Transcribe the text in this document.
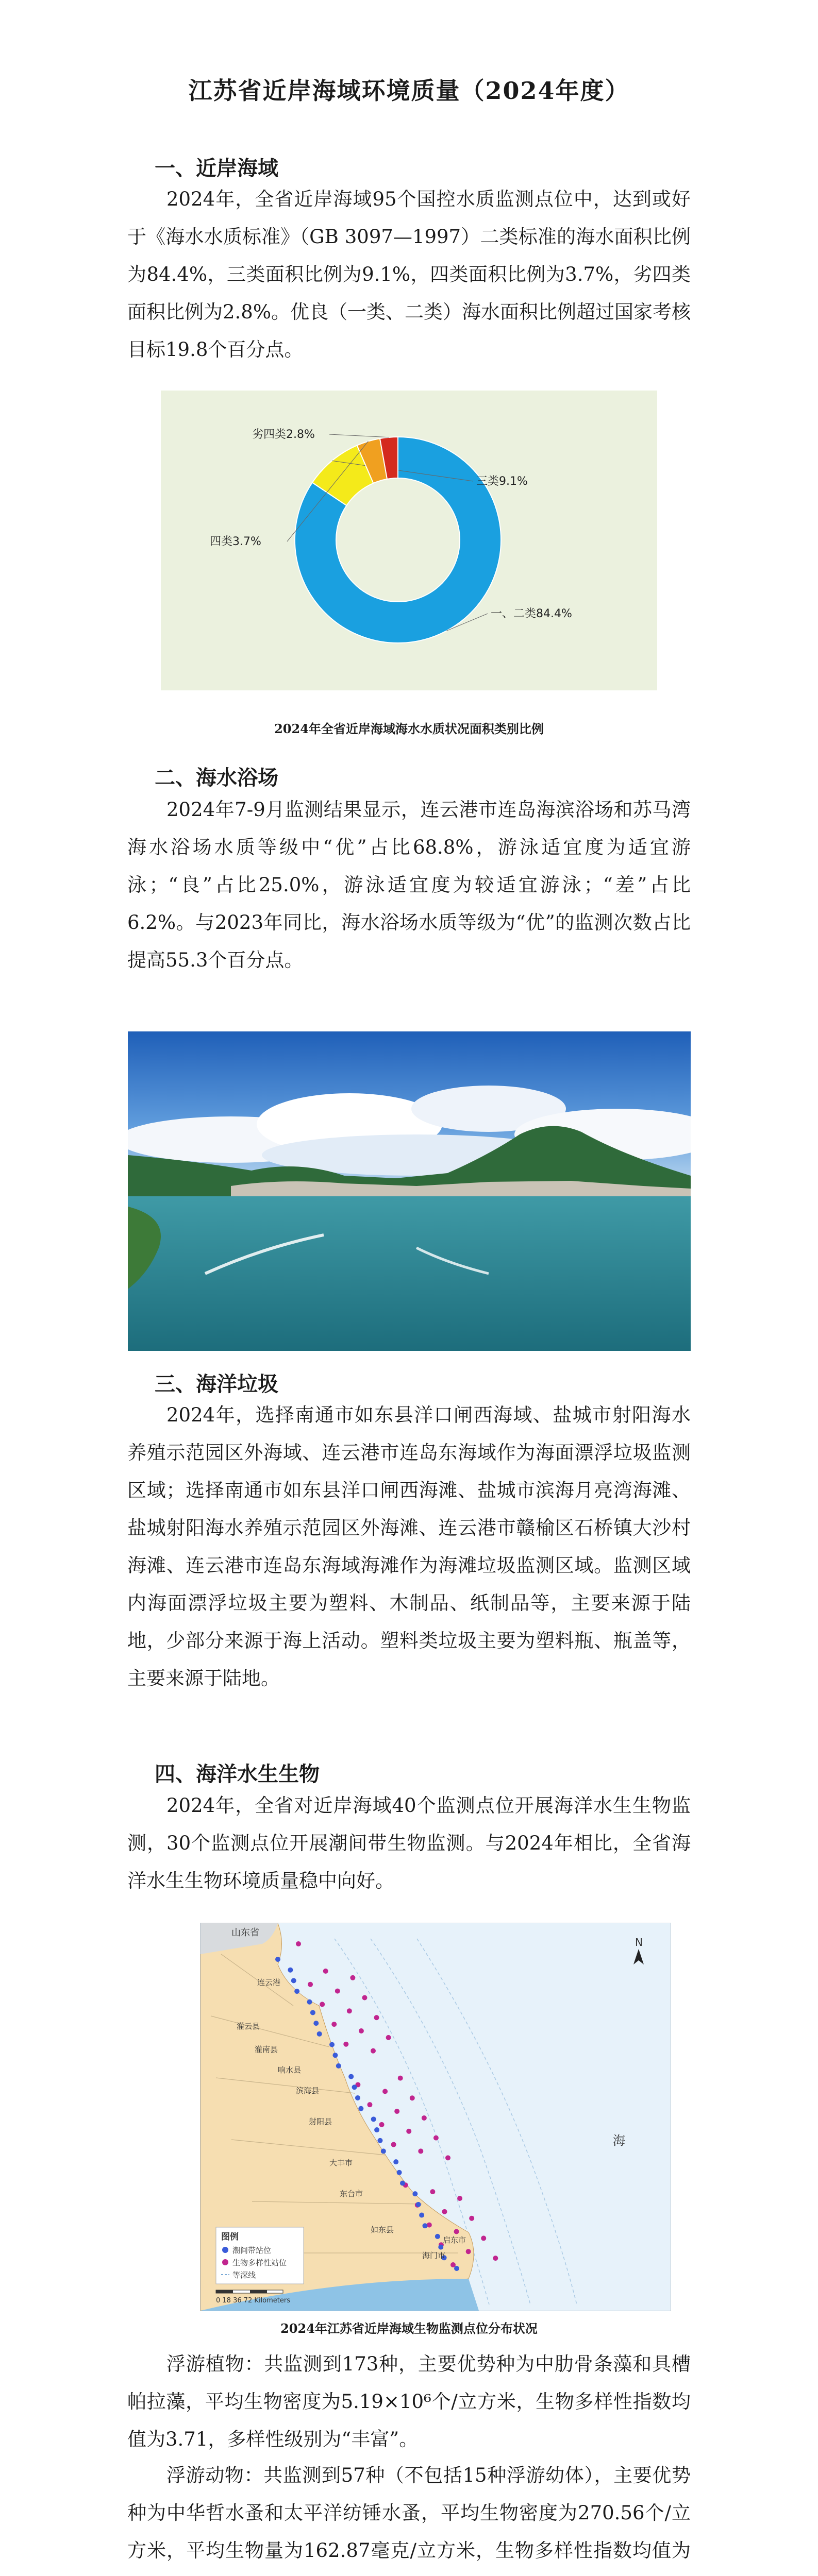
江苏省近岸海域环境质量（2024年度）
一、近岸海域

2024年，全省近岸海域95个国控水质监测点位中，达到或好于《海水水质标准》（GB 3097—1997）二类标准的海水面积比例为84.4%，三类面积比例为9.1%，四类面积比例为3.7%，劣四类面积比例为2.8%。优良（一类、二类）海水面积比例超过国家考核目标19.8个百分点。

一、二类84.4%
三类9.1%
四类3.7%
劣四类2.8%
2024年全省近岸海域海水水质状况面积类别比例
二、海水浴场

2024年7-9月监测结果显示，连云港市连岛海滨浴场和苏马湾海水浴场水质等级中“优”占比68.8%，游泳适宜度为适宜游泳；“良”占比25.0%，游泳适宜度为较适宜游泳；“差”占比6.2%。与2023年同比，海水浴场水质等级为“优”的监测次数占比提高55.3个百分点。

三、海洋垃圾

2024年，选择南通市如东县洋口闸西海域、盐城市射阳海水养殖示范园区外海域、连云港市连岛东海域作为海面漂浮垃圾监测区域；选择南通市如东县洋口闸西海滩、盐城市滨海月亮湾海滩、盐城射阳海水养殖示范园区外海滩、连云港市赣榆区石桥镇大沙村海滩、连云港市连岛东海域海滩作为海滩垃圾监测区域。监测区域内海面漂浮垃圾主要为塑料、木制品、纸制品等，主要来源于陆地，少部分来源于海上活动。塑料类垃圾主要为塑料瓶、瓶盖等，主要来源于陆地。

四、海洋水生生物

2024年，全省对近岸海域40个监测点位开展海洋水生生物监测，30个监测点位开展潮间带生物监测。与2024年相比，全省海洋水生生物环境质量稳中向好。

连云港
灌云县
灌南县
响水县
滨海县
射阳县
大丰市
东台市
如东县
海门市
启东市
山东省
海
N
图例
潮间带站位
生物多样性站位
等深线
0 18 36 72 Kilometers
2024年江苏省近岸海域生物监测点位分布状况

浮游植物：共监测到173种，主要优势种为中肋骨条藻和具槽帕拉藻，平均生物密度为5.19×10⁶个/立方米，生物多样性指数均值为3.71，多样性级别为“丰富”。

浮游动物：共监测到57种（不包括15种浮游幼体），主要优势种为中华哲水蚤和太平洋纺锤水蚤，平均生物密度为270.56个/立方米，平均生物量为162.87毫克/立方米，生物多样性指数均值为
